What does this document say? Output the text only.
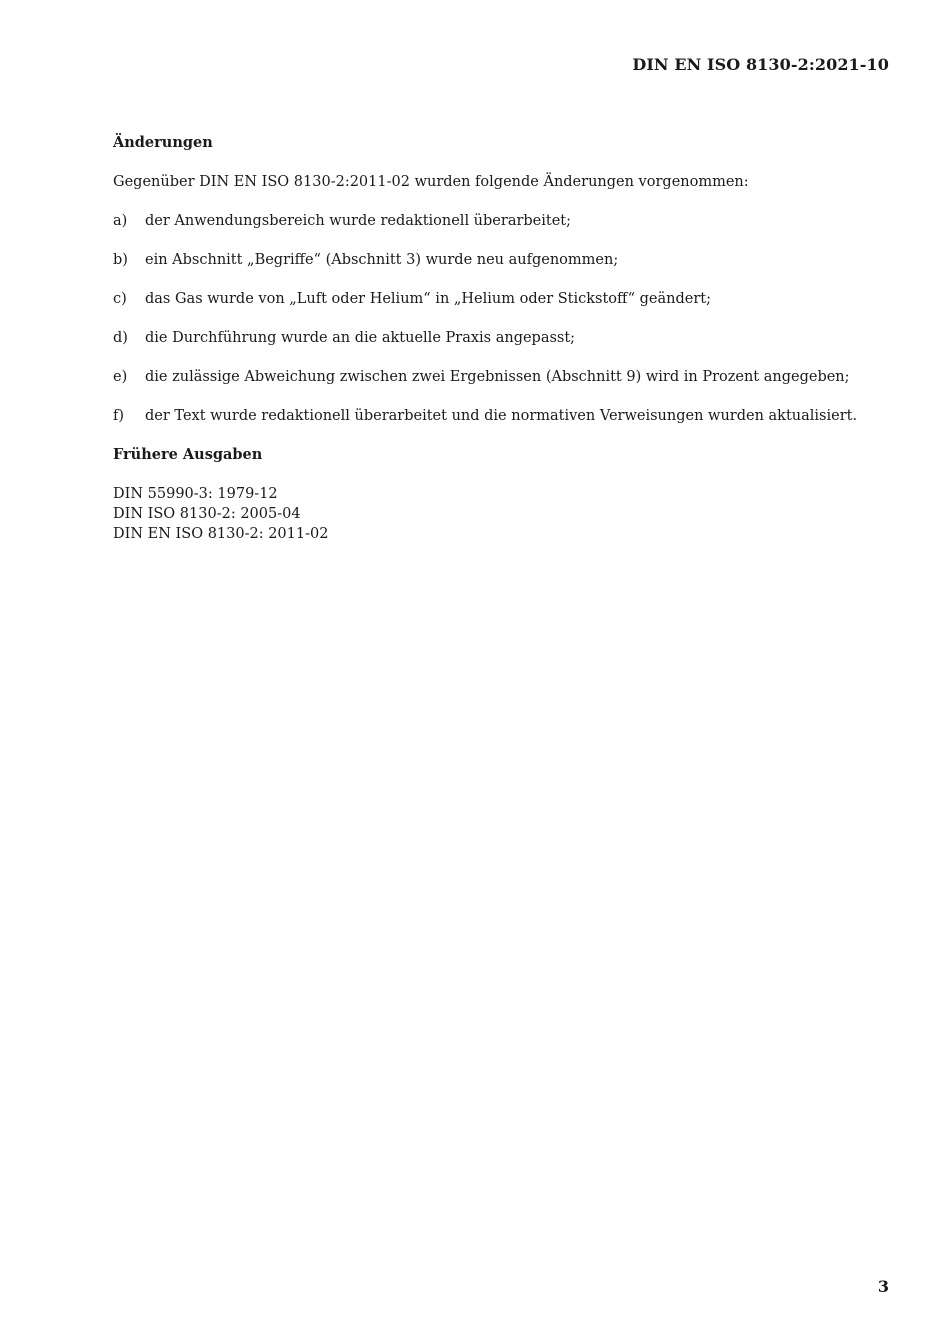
DIN EN ISO 8130-2:2021-10
Änderungen

Gegenüber DIN EN ISO 8130-2:2011-02 wurden folgende Änderungen vorgenommen:

a)	der Anwendungsbereich wurde redaktionell überarbeitet;
b)	ein Abschnitt „Begriffe“ (Abschnitt 3) wurde neu aufgenommen;
c)	das Gas wurde von „Luft oder Helium“ in „Helium oder Stickstoff“ geändert;
d)	die Durchführung wurde an die aktuelle Praxis angepasst;
e)	die zulässige Abweichung zwischen zwei Ergebnissen (Abschnitt 9) wird in Prozent angegeben;
f)	der Text wurde redaktionell überarbeitet und die normativen Verweisungen wurden aktualisiert.
Frühere Ausgaben
DIN 55990-3: 1979-12
DIN ISO 8130-2: 2005-04
DIN EN ISO 8130-2: 2011-02
3
